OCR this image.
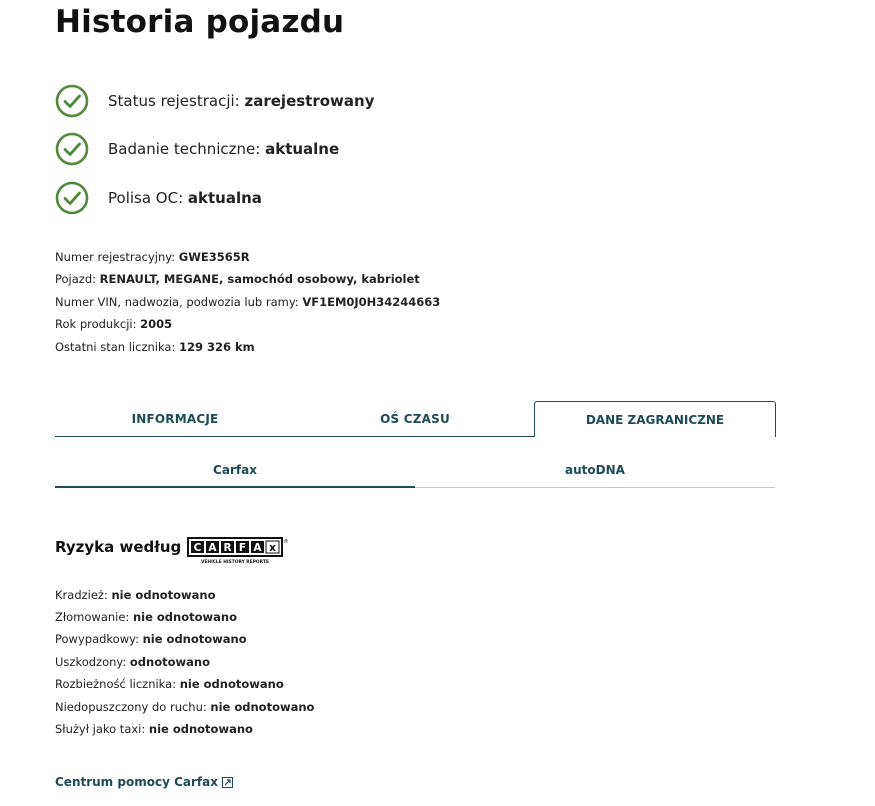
Historia pojazdu
Status rejestracji: zarejestrowany
Badanie techniczne: aktualne
Polisa OC: aktualna
Numer rejestracyjny: GWE3565R
Pojazd: RENAULT, MEGANE, samochód osobowy, kabriolet
Numer VIN, nadwozia, podwozia lub ramy: VF1EM0J0H34244663
Rok produkcji: 2005
Ostatni stan licznika: 129 326 km
INFORMACJE	OŚ CZASU	DANE ZAGRANICZNE
Carfax	autoDNA
Ryzyka według C A R F A x ®
VEHICLE HISTORY REPORTS
Kradzież: nie odnotowano
Złomowanie: nie odnotowano
Powypadkowy: nie odnotowano
Uszkodzony: odnotowano
Rozbieżność licznika: nie odnotowano
Niedopuszczony do ruchu: nie odnotowano
Służył jako taxi: nie odnotowano
Centrum pomocy Carfax
